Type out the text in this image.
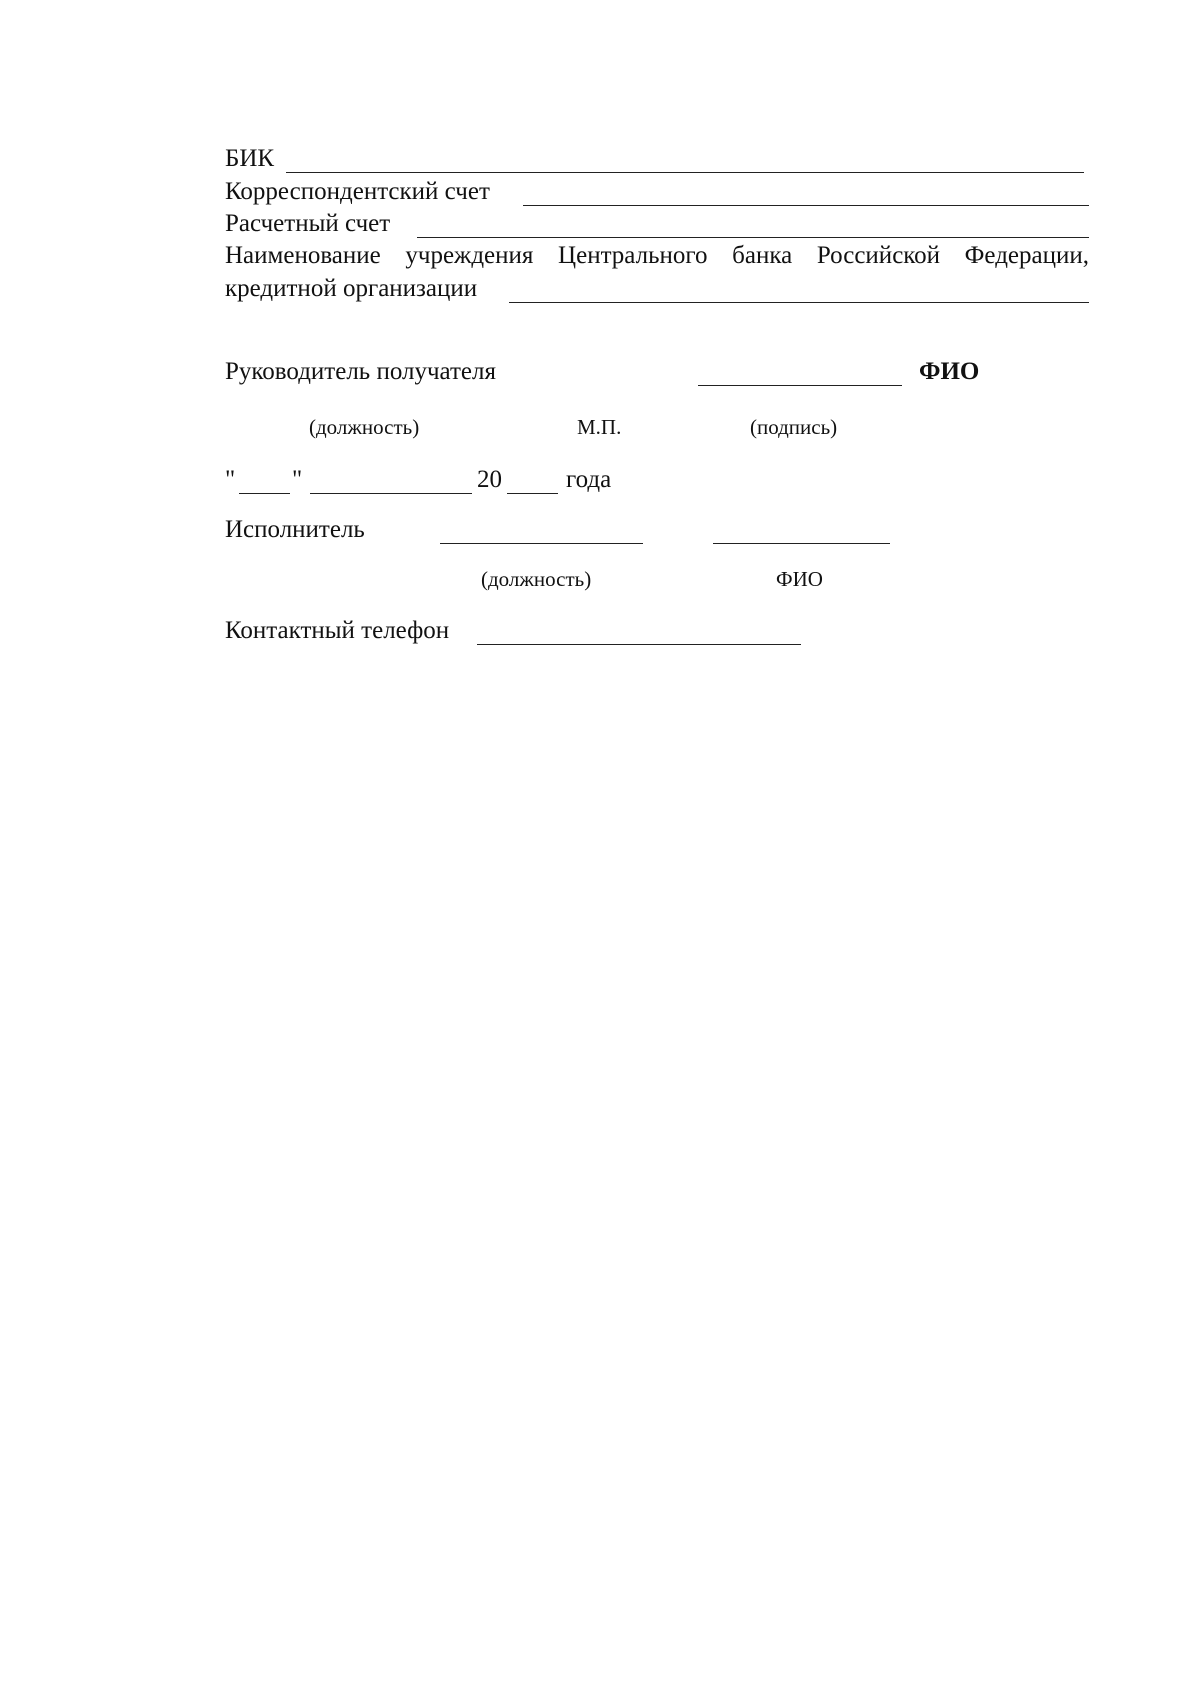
БИК
Корреспондентский счет
Расчетный счет
Наименование учреждения Центрального банка Российской Федерации,
кредитной организации
Руководитель получателя	ФИО
(должность)	М.П.	(подпись)
" "	20	года
Исполнитель
(должность)	ФИО
Контактный телефон
